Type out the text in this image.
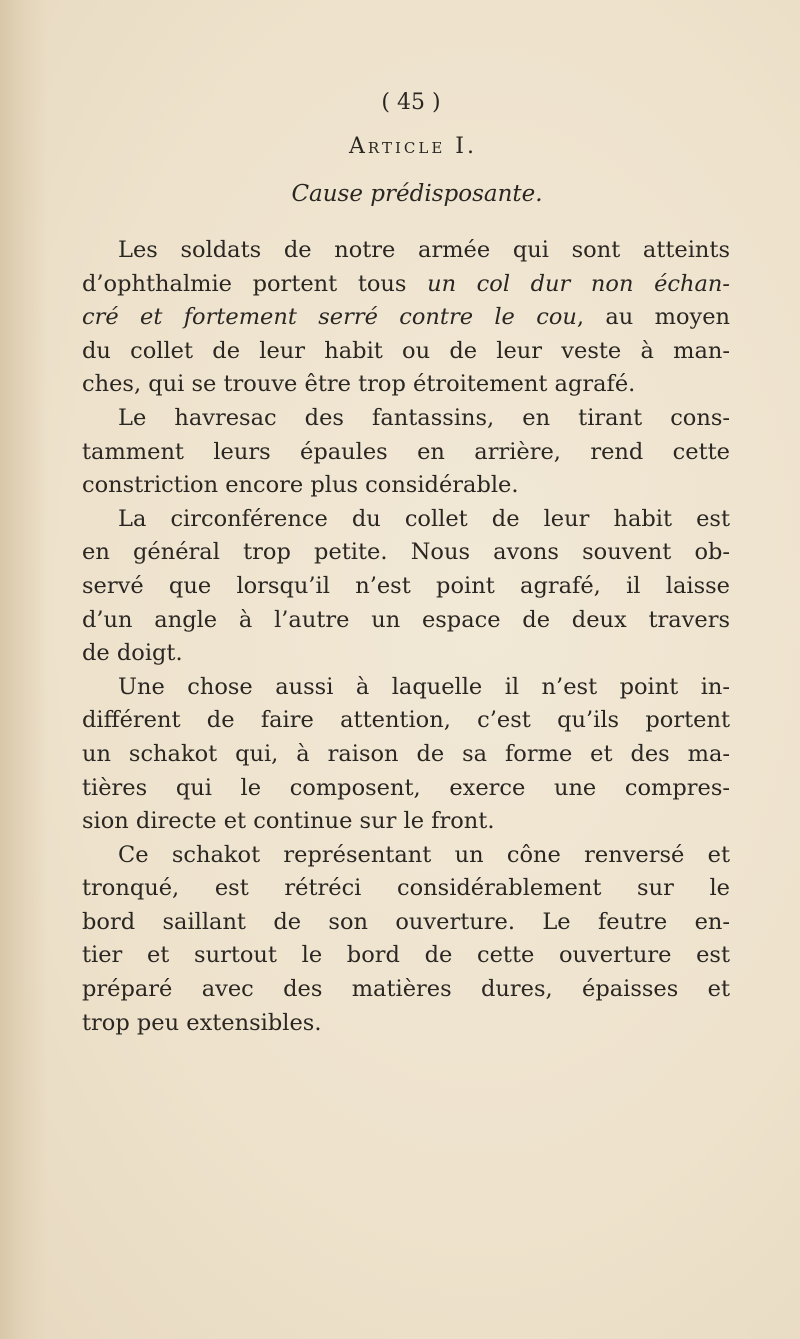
( 45 )
Article I.
Cause prédisposante.
Les soldats de notre armée qui sont atteints
d’ophthalmie portent tous un col dur non échan-
cré et fortement serré contre le cou, au moyen
du collet de leur habit ou de leur veste à man-
ches, qui se trouve être trop étroitement agrafé.
Le havresac des fantassins, en tirant cons-
tamment leurs épaules en arrière, rend cette
constriction encore plus considérable.
La circonférence du collet de leur habit est
en général trop petite. Nous avons souvent ob-
servé que lorsqu’il n’est point agrafé, il laisse
d’un angle à l’autre un espace de deux travers
de doigt.
Une chose aussi à laquelle il n’est point in-
différent de faire attention, c’est qu’ils portent
un schakot qui, à raison de sa forme et des ma-
tières qui le composent, exerce une compres-
sion directe et continue sur le front.
Ce schakot représentant un cône renversé et
tronqué, est rétréci considérablement sur le
bord saillant de son ouverture. Le feutre en-
tier et surtout le bord de cette ouverture est
préparé avec des matières dures, épaisses et
trop peu extensibles.
